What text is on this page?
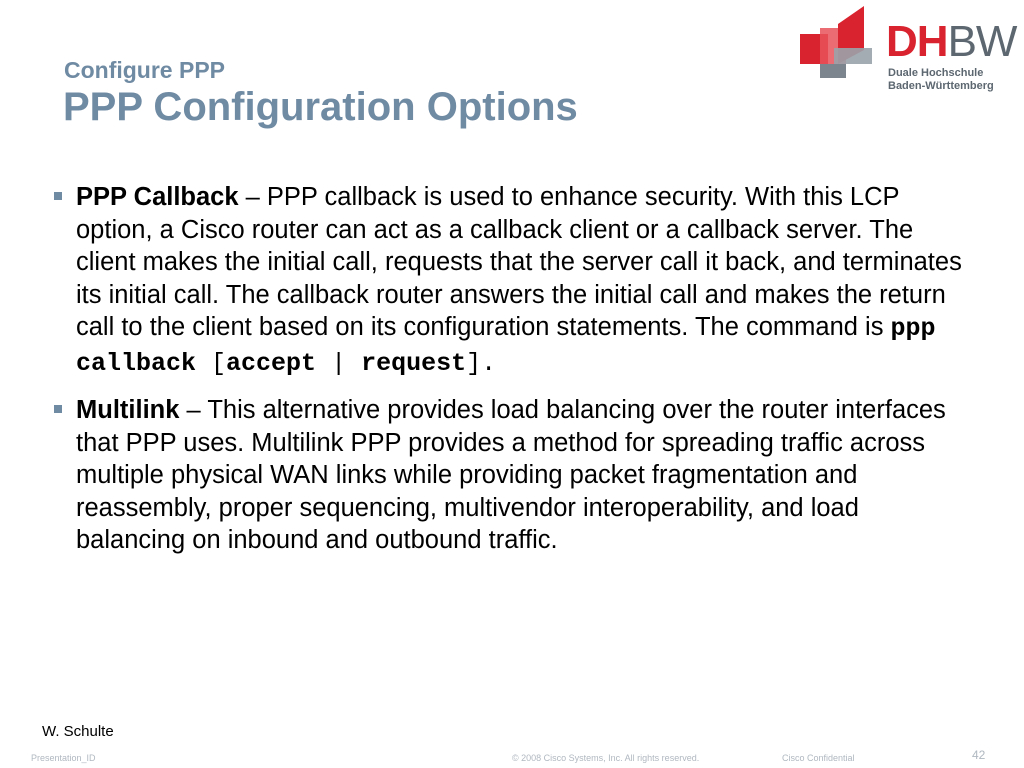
Configure PPP
PPP Configuration Options
DHBW
Duale Hochschule
Baden-Württemberg
PPP Callback – PPP callback is used to enhance security. With this LCP option, a Cisco router can act as a callback client or a callback server. The client makes the initial call, requests that the server call it back, and terminates its initial call. The callback router answers the initial call and makes the return call to the client based on its configuration statements. The command is ppp callback [accept | request].
Multilink – This alternative provides load balancing over the router interfaces that PPP uses. Multilink PPP provides a method for spreading traffic across multiple physical WAN links while providing packet fragmentation and reassembly, proper sequencing, multivendor interoperability, and load balancing on inbound and outbound traffic.
W. Schulte
Presentation_ID	© 2008 Cisco Systems, Inc. All rights reserved.	Cisco Confidential	42
